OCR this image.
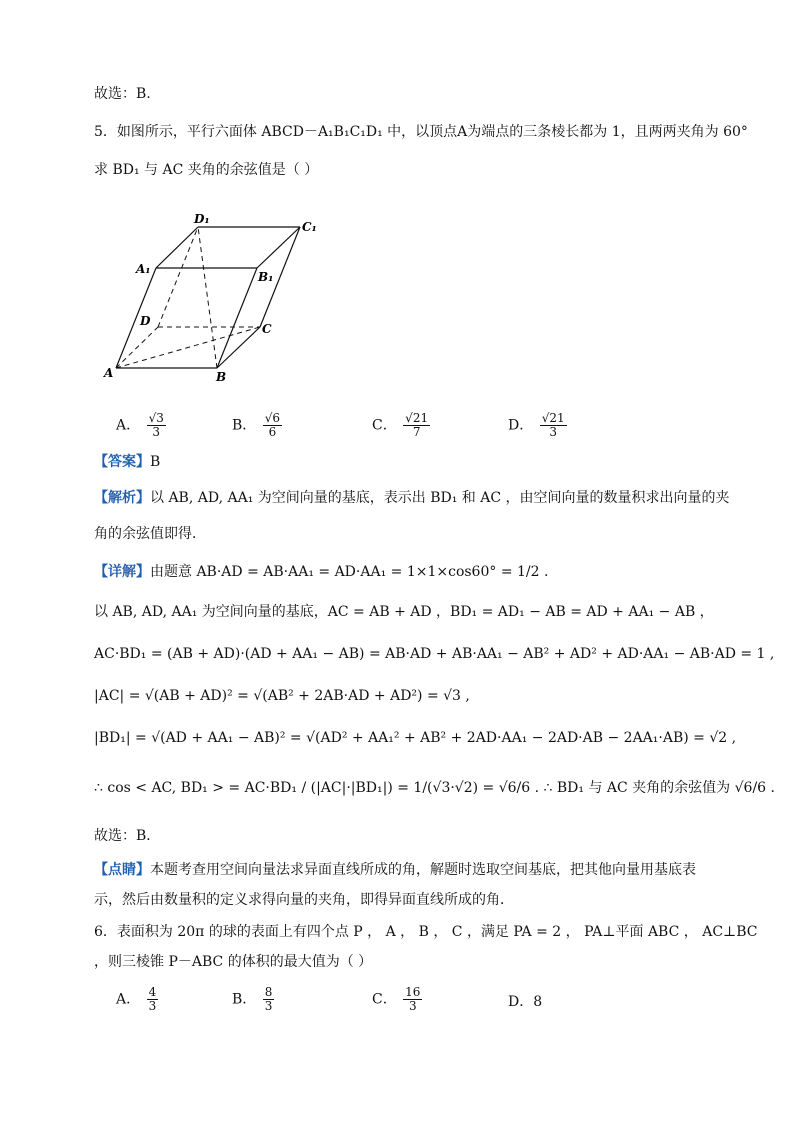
故选：B.
5．如图所示，平行六面体 ABCD－A₁B₁C₁D₁ 中，以顶点A为端点的三条棱长都为 1，且两两夹角为 60°
求 BD₁ 与 AC 夹角的余弦值是（ ）
D₁
C₁
A₁
B₁
D
C
A	B
A． $\frac{√3}{3}$	B． $\frac{√6}{6}$	C． $\frac{√21}{7}$	D． $\frac{√21}{3}$
【答案】B
【解析】以 AB, AD, AA₁ 为空间向量的基底，表示出 BD₁ 和 AC ，由空间向量的数量积求出向量的夹
角的余弦值即得．
【详解】由题意 AB·AD = AB·AA₁ = AD·AA₁ = 1×1×cos60° = 1/2 .
以 AB, AD, AA₁ 为空间向量的基底，AC = AB + AD ，BD₁ = AD₁ − AB = AD + AA₁ − AB ，
AC·BD₁ = (AB + AD)·(AD + AA₁ − AB) = AB·AD + AB·AA₁ − AB² + AD² + AD·AA₁ − AB·AD = 1 ,
|AC| = √(AB + AD)² = √(AB² + 2AB·AD + AD²) = √3 ,
|BD₁| = √(AD + AA₁ − AB)² = √(AD² + AA₁² + AB² + 2AD·AA₁ − 2AD·AB − 2AA₁·AB) = √2 ,
∴ cos < AC, BD₁ > = AC·BD₁ / (|AC|·|BD₁|) = 1/(√3·√2) = √6/6 . ∴ BD₁ 与 AC 夹角的余弦值为 √6/6 .
故选：B．
【点睛】本题考查用空间向量法求异面直线所成的角，解题时选取空间基底，把其他向量用基底表
示，然后由数量积的定义求得向量的夹角，即得异面直线所成的角．
6．表面积为 20π 的球的表面上有四个点 P ， A ， B ， C ，满足 PA = 2 ， PA⊥平面 ABC ， AC⊥BC
，则三棱锥 P－ABC 的体积的最大值为（ ）
A． $\frac{4}{3}$	B． $\frac{8}{3}$	C． $\frac{16}{3}$	D．8
